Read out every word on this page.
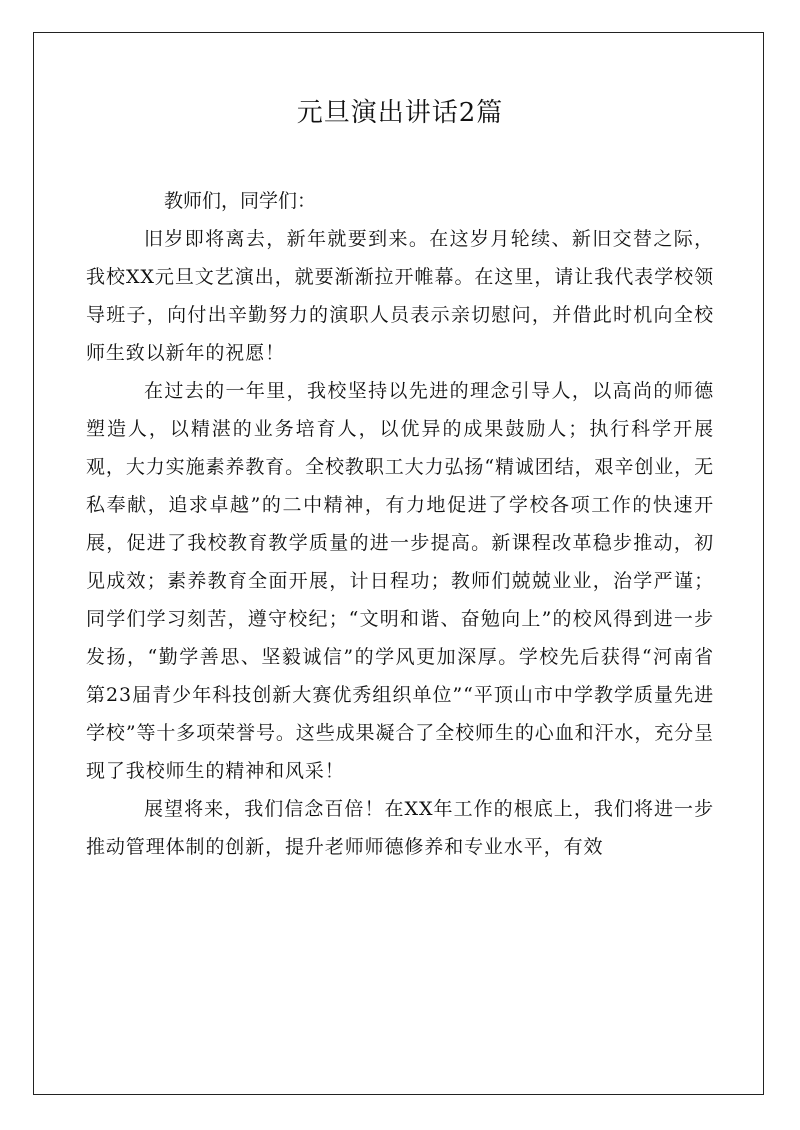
元旦演出讲话2篇

教师们，同学们：

旧岁即将离去，新年就要到来。在这岁月轮续、新旧交替之际，我校XX元旦文艺演出，就要渐渐拉开帷幕。在这里，请让我代表学校领导班子，向付出辛勤努力的演职人员表示亲切慰问，并借此时机向全校师生致以新年的祝愿！

在过去的一年里，我校坚持以先进的理念引导人，以高尚的师德塑造人，以精湛的业务培育人，以优异的成果鼓励人；执行科学开展观，大力实施素养教育。全校教职工大力弘扬“精诚团结，艰辛创业，无私奉献，追求卓越”的二中精神，有力地促进了学校各项工作的快速开展，促进了我校教育教学质量的进一步提高。新课程改革稳步推动，初见成效；素养教育全面开展，计日程功；教师们兢兢业业，治学严谨；同学们学习刻苦，遵守校纪；“文明和谐、奋勉向上”的校风得到进一步发扬，“勤学善思、坚毅诚信”的学风更加深厚。学校先后获得“河南省第23届青少年科技创新大赛优秀组织单位”“平顶山市中学教学质量先进学校”等十多项荣誉号。这些成果凝合了全校师生的心血和汗水，充分呈现了我校师生的精神和风采！

展望将来，我们信念百倍！在XX年工作的根底上，我们将进一步推动管理体制的创新，提升老师师德修养和专业水平，有效
